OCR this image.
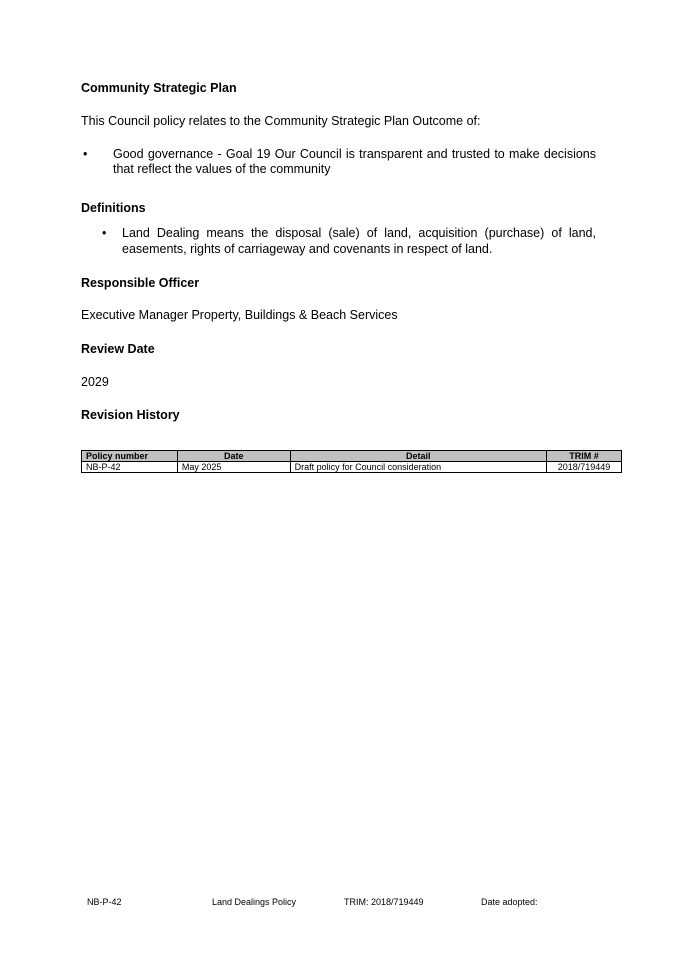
Community Strategic Plan

This Council policy relates to the Community Strategic Plan Outcome of:

• Good governance - Goal 19 Our Council is transparent and trusted to make decisions that reflect the values of the community
Definitions
• Land Dealing means the disposal (sale) of land, acquisition (purchase) of land, easements, rights of carriageway and covenants in respect of land.
Responsible Officer

Executive Manager Property, Buildings & Beach Services

Review Date

2029

Revision History
Policy number	Date	Detail	TRIM #
NB-P-42	May 2025	Draft policy for Council consideration	2018/719449
NB-P-42	Land Dealings Policy	TRIM: 2018/719449	Date adopted:
